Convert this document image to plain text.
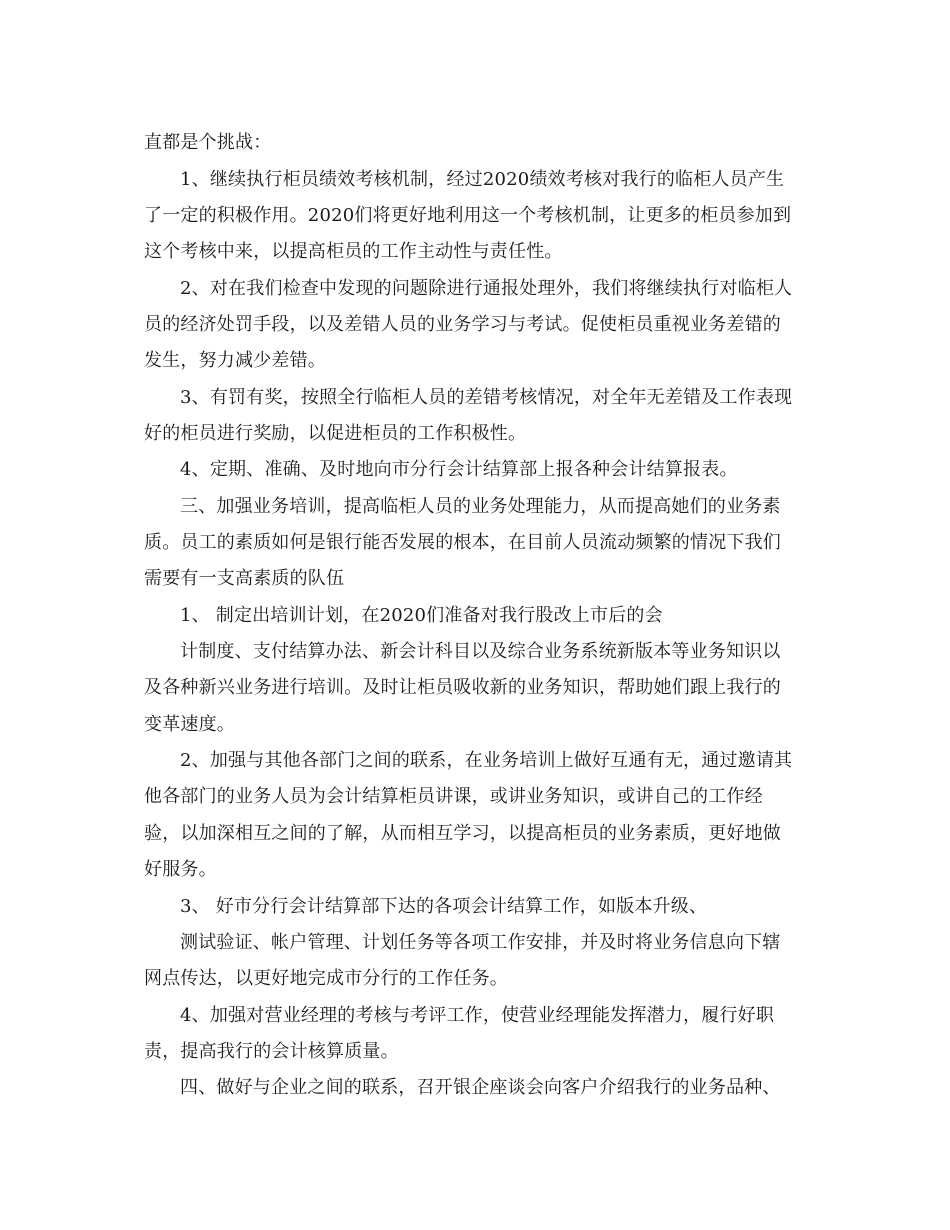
直都是个挑战：
1、继续执行柜员绩效考核机制，经过2020绩效考核对我行的临柜人员产生
了一定的积极作用。2020们将更好地利用这一个考核机制，让更多的柜员参加到
这个考核中来，以提高柜员的工作主动性与责任性。
2、对在我们检查中发现的问题除进行通报处理外，我们将继续执行对临柜人
员的经济处罚手段，以及差错人员的业务学习与考试。促使柜员重视业务差错的
发生，努力减少差错。
3、有罚有奖，按照全行临柜人员的差错考核情况，对全年无差错及工作表现
好的柜员进行奖励，以促进柜员的工作积极性。
4、定期、准确、及时地向市分行会计结算部上报各种会计结算报表。
三、加强业务培训，提高临柜人员的业务处理能力，从而提高她们的业务素
质。员工的素质如何是银行能否发展的根本，在目前人员流动频繁的情况下我们
需要有一支高素质的队伍
1、 制定出培训计划，在2020们准备对我行股改上市后的会
计制度、支付结算办法、新会计科目以及综合业务系统新版本等业务知识以
及各种新兴业务进行培训。及时让柜员吸收新的业务知识，帮助她们跟上我行的
变革速度。
2、加强与其他各部门之间的联系，在业务培训上做好互通有无，通过邀请其
他各部门的业务人员为会计结算柜员讲课，或讲业务知识，或讲自己的工作经
验，以加深相互之间的了解，从而相互学习，以提高柜员的业务素质，更好地做
好服务。
3、 好市分行会计结算部下达的各项会计结算工作，如版本升级、
测试验证、帐户管理、计划任务等各项工作安排，并及时将业务信息向下辖
网点传达，以更好地完成市分行的工作任务。
4、加强对营业经理的考核与考评工作，使营业经理能发挥潜力，履行好职
责，提高我行的会计核算质量。
四、做好与企业之间的联系，召开银企座谈会向客户介绍我行的业务品种、
